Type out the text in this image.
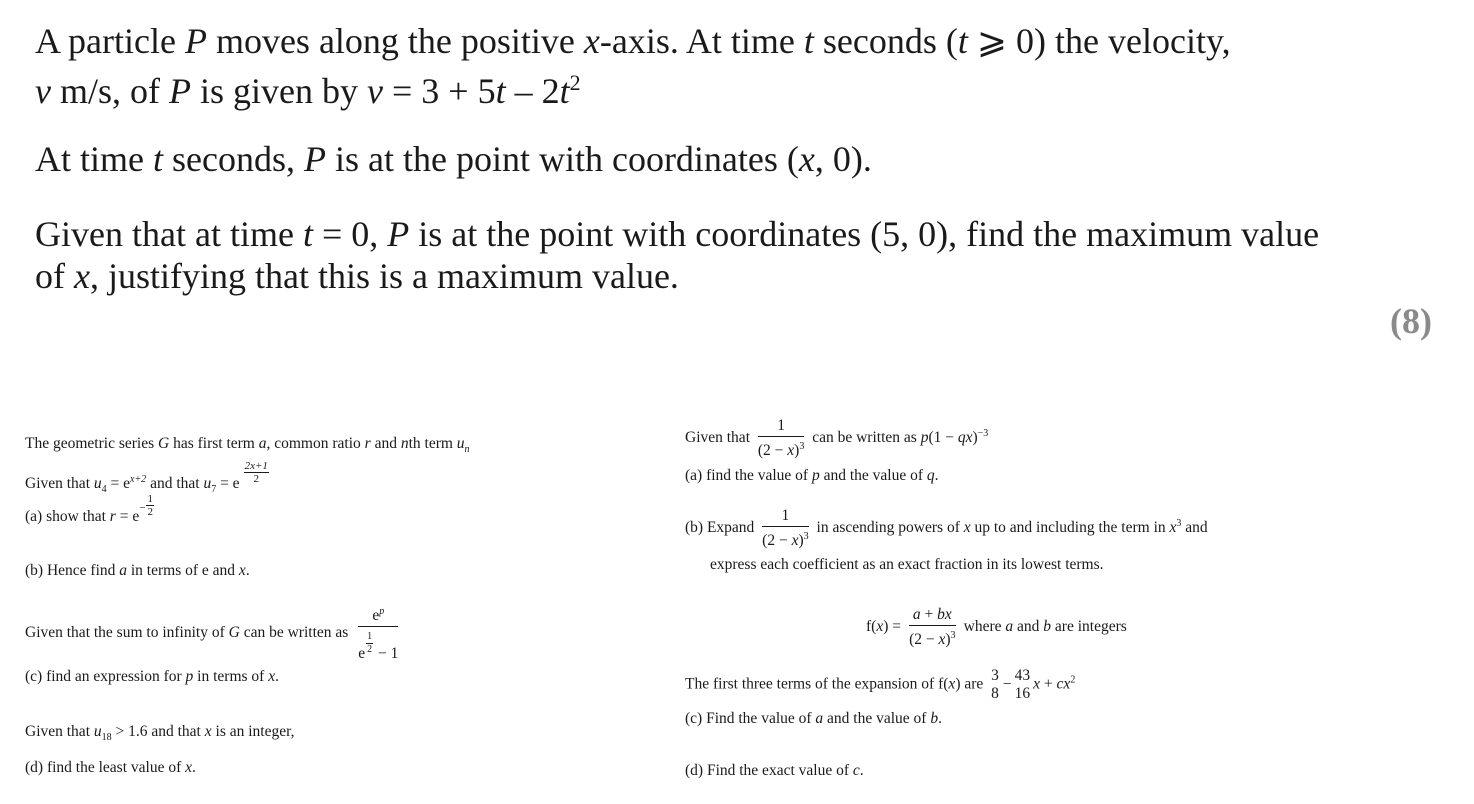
A particle P moves along the positive x-axis. At time t seconds (t ⩾ 0) the velocity,
v m/s, of P is given by $v = 3 + 5t - 2t^2$
At time t seconds, P is at the point with coordinates (x, 0).
Given that at time t = 0, P is at the point with coordinates (5, 0), find the maximum value
of x, justifying that this is a maximum value.
(8)
The geometric series G has first term a, common ratio r and nth term $u_n$
Given that $u_4 = e^{x+2}$ and that $u_7 = e \frac{2x+1}{2}$
(a) show that $r = e^- \frac{1}{2}$
(b) Hence find a in terms of e and x.
Given that the sum to infinity of G can be written as $\frac{e^p}{e \frac{1}{2} - 1}$
(c) find an expression for p in terms of x.
Given that $u_{18} > 1.6$ and that x is an integer,
(d) find the least value of x.
Given that $\frac{1}{(2 - x)^3}$ can be written as p(1 − qx)$^{-3}$
(a) find the value of p and the value of q.
(b) Expand $\frac{1}{(2 - x)^3}$ in ascending powers of x up to and including the term in $x^3$ and
express each coefficient as an exact fraction in its lowest terms.
$f(x) = \frac{a + bx}{(2 - x)^3}$ where a and b are integers
The first three terms of the expansion of f(x) are
3
8
−
43
16
$x + cx^2$
(c) Find the value of a and the value of b.
(d) Find the exact value of c.
